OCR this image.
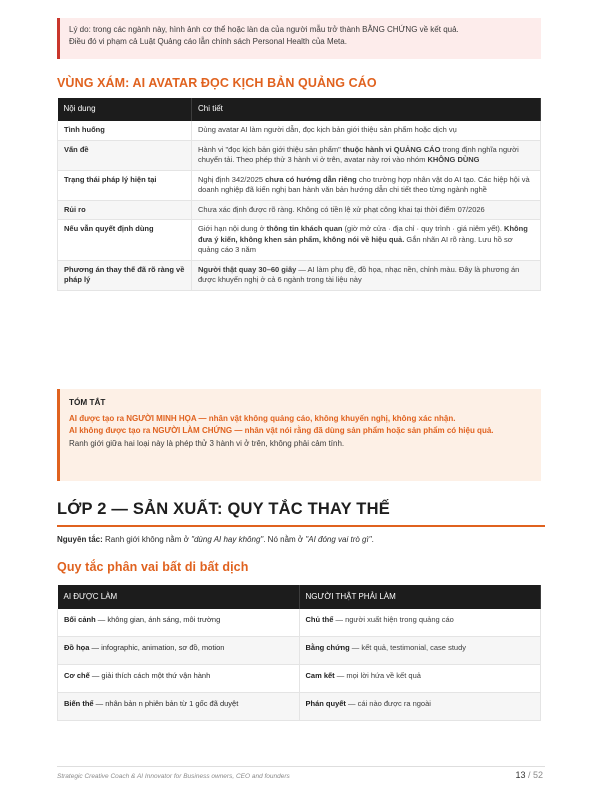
Lý do: trong các ngành này, hình ảnh cơ thể hoặc làn da của người mẫu trở thành BẰNG CHỨNG về kết quả.
Điều đó vi phạm cả Luật Quảng cáo lẫn chính sách Personal Health của Meta.
VÙNG XÁM: AI AVATAR ĐỌC KỊCH BẢN QUẢNG CÁO
Nội dung	Chi tiết
Tình huống	Dùng avatar AI làm người dẫn, đọc kịch bản giới thiệu sản phẩm hoặc dịch vụ
Vấn đề	Hành vi "đọc kịch bản giới thiệu sản phẩm" thuộc hành vi QUẢNG CÁO trong định nghĩa người chuyển tải. Theo phép thử 3 hành vi ở trên, avatar này rơi vào nhóm KHÔNG DÙNG
Trạng thái pháp lý hiện tại	Nghị định 342/2025 chưa có hướng dẫn riêng cho trường hợp nhân vật do AI tạo. Các hiệp hội và doanh nghiệp đã kiến nghị ban hành văn bản hướng dẫn chi tiết theo từng ngành nghề
Rủi ro	Chưa xác định được rõ ràng. Không có tiền lệ xử phạt công khai tại thời điểm 07/2026
Nếu vẫn quyết định dùng	Giới hạn nội dung ở thông tin khách quan (giờ mở cửa · địa chỉ · quy trình · giá niêm yết). Không đưa ý kiến, không khen sản phẩm, không nói về hiệu quả. Gắn nhãn AI rõ ràng. Lưu hồ sơ quảng cáo 3 năm
Phương án thay thế đã rõ ràng về pháp lý	Người thật quay 30–60 giây — AI làm phụ đề, đồ họa, nhạc nền, chỉnh màu. Đây là phương án được khuyến nghị ở cả 6 ngành trong tài liệu này
TÓM TẮT
AI được tạo ra NGƯỜI MINH HỌA — nhân vật không quảng cáo, không khuyến nghị, không xác nhận.
AI không được tạo ra NGƯỜI LÀM CHỨNG — nhân vật nói rằng đã dùng sản phẩm hoặc sản phẩm có hiệu quả.
Ranh giới giữa hai loại này là phép thử 3 hành vi ở trên, không phải cảm tính.
LỚP 2 — SẢN XUẤT: QUY TẮC THAY THẾ
Nguyên tắc: Ranh giới không nằm ở "dùng AI hay không". Nó nằm ở "AI đóng vai trò gì".
Quy tắc phân vai bất di bất dịch
AI ĐƯỢC LÀM	NGƯỜI THẬT PHẢI LÀM
Bối cảnh — không gian, ánh sáng, môi trường	Chủ thể — người xuất hiện trong quảng cáo
Đồ họa — infographic, animation, sơ đồ, motion	Bằng chứng — kết quả, testimonial, case study
Cơ chế — giải thích cách một thứ vận hành	Cam kết — mọi lời hứa về kết quả
Biến thể — nhân bản n phiên bản từ 1 gốc đã duyệt	Phán quyết — cái nào được ra ngoài
Strategic Creative Coach & AI Innovator for Business owners, CEO and founders	13 / 52
